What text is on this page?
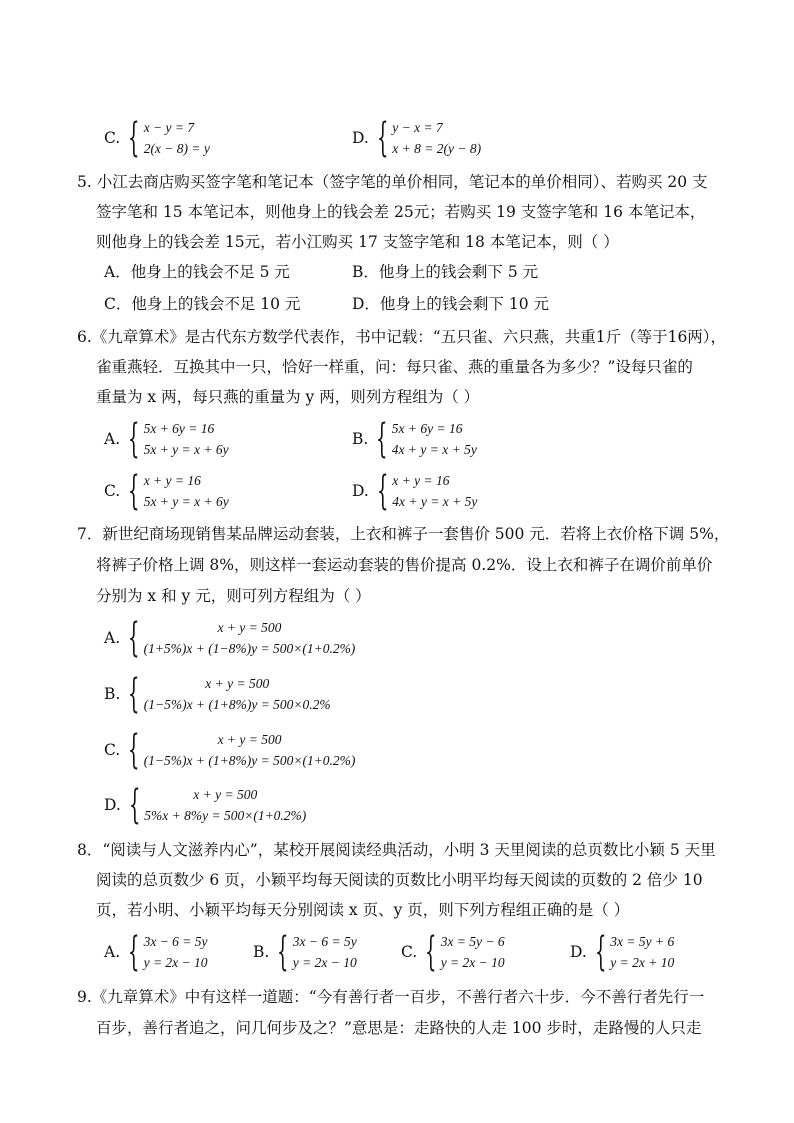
C. { x − y = 7
2(x − 8) = y
D. { y − x = 7
x + 8 = 2(y − 8)
5. 小江去商店购买签字笔和笔记本（签字笔的单价相同，笔记本的单价相同）、若购买 20 支
签字笔和 15 本笔记本，则他身上的钱会差 25元；若购买 19 支签字笔和 16 本笔记本，
则他身上的钱会差 15元，若小江购买 17 支签字笔和 18 本笔记本，则（ ）
A．他身上的钱会不足 5 元	B．他身上的钱会剩下 5 元
C．他身上的钱会不足 10 元	D．他身上的钱会剩下 10 元
6.《九章算术》是古代东方数学代表作，书中记载：“五只雀、六只燕，共重1斤（等于16两），
雀重燕轻．互换其中一只，恰好一样重，问：每只雀、燕的重量各为多少？”设每只雀的
重量为 x 两，每只燕的重量为 y 两，则列方程组为（ ）
A. { 5x + 6y = 16
5x + y = x + 6y
B. { 5x + 6y = 16
4x + y = x + 5y
C. { x + y = 16
5x + y = x + 6y
D. { x + y = 16
4x + y = x + 5y
7．新世纪商场现销售某品牌运动套装，上衣和裤子一套售价 500 元．若将上衣价格下调 5%，
将裤子价格上调 8%，则这样一套运动套装的售价提高 0.2%．设上衣和裤子在调价前单价
分别为 x 和 y 元，则可列方程组为（ ）
A. {	x + y = 500
(1+5%)x + (1−8%)y = 500×(1+0.2%)
B. {	x + y = 500
(1−5%)x + (1+8%)y = 500×0.2%
C. {	x + y = 500
(1−5%)x + (1+8%)y = 500×(1+0.2%)
D. {	x + y = 500
5%x + 8%y = 500×(1+0.2%)
8．“阅读与人文滋养内心”，某校开展阅读经典活动，小明 3 天里阅读的总页数比小颖 5 天里
阅读的总页数少 6 页，小颖平均每天阅读的页数比小明平均每天阅读的页数的 2 倍少 10
页，若小明、小颖平均每天分别阅读 x 页、y 页，则下列方程组正确的是（ ）
A. { 3x − 6 = 5y
y = 2x − 10
B. { 3x − 6 = 5y
y = 2x − 10
C. { 3x = 5y − 6
y = 2x − 10
D. { 3x = 5y + 6
y = 2x + 10
9.《九章算术》中有这样一道题：“今有善行者一百步，不善行者六十步．今不善行者先行一
百步，善行者追之，问几何步及之？”意思是：走路快的人走 100 步时，走路慢的人只走
